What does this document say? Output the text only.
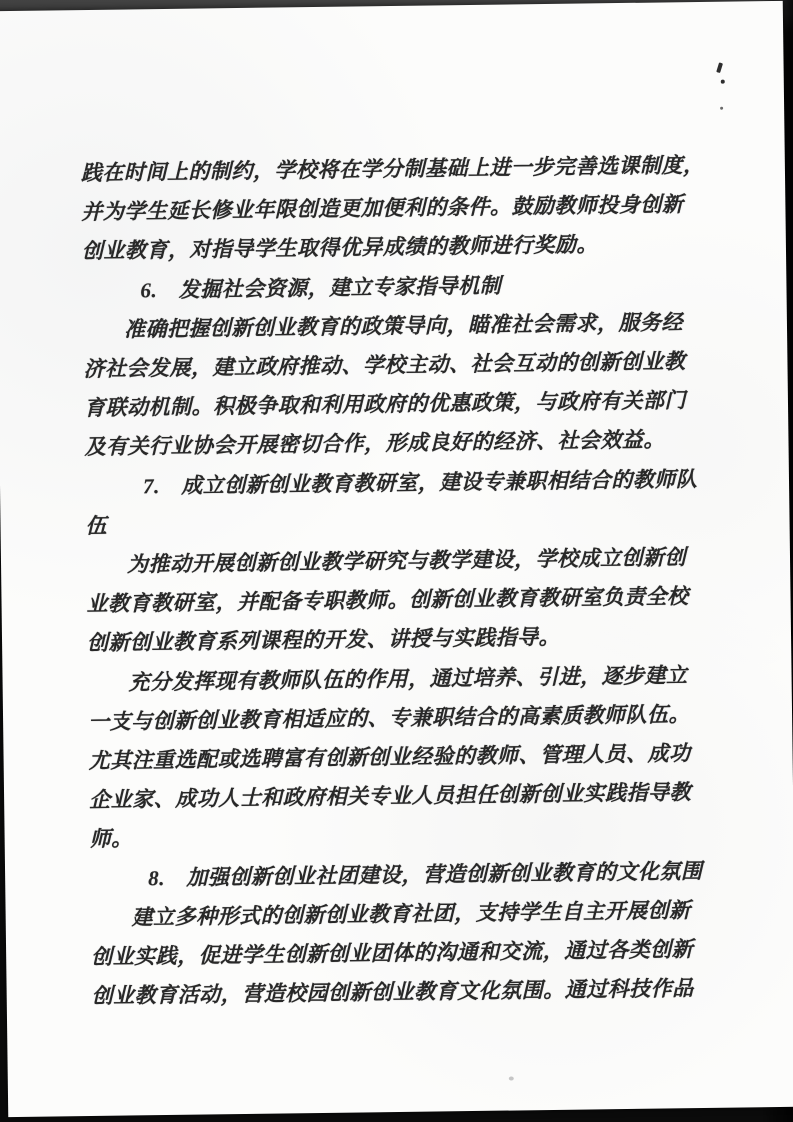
践在时间上的制约，学校将在学分制基础上进一步完善选课制度，
并为学生延长修业年限创造更加便利的条件。鼓励教师投身创新
创业教育，对指导学生取得优异成绩的教师进行奖励。
6.　发掘社会资源，建立专家指导机制
准确把握创新创业教育的政策导向，瞄准社会需求，服务经
济社会发展，建立政府推动、学校主动、社会互动的创新创业教
育联动机制。积极争取和利用政府的优惠政策，与政府有关部门
及有关行业协会开展密切合作，形成良好的经济、社会效益。
7.　成立创新创业教育教研室，建设专兼职相结合的教师队
伍
为推动开展创新创业教学研究与教学建设，学校成立创新创
业教育教研室，并配备专职教师。创新创业教育教研室负责全校
创新创业教育系列课程的开发、讲授与实践指导。
充分发挥现有教师队伍的作用，通过培养、引进，逐步建立
一支与创新创业教育相适应的、专兼职结合的高素质教师队伍。
尤其注重选配或选聘富有创新创业经验的教师、管理人员、成功
企业家、成功人士和政府相关专业人员担任创新创业实践指导教
师。
8.　加强创新创业社团建设，营造创新创业教育的文化氛围
建立多种形式的创新创业教育社团，支持学生自主开展创新
创业实践，促进学生创新创业团体的沟通和交流，通过各类创新
创业教育活动，营造校园创新创业教育文化氛围。通过科技作品
